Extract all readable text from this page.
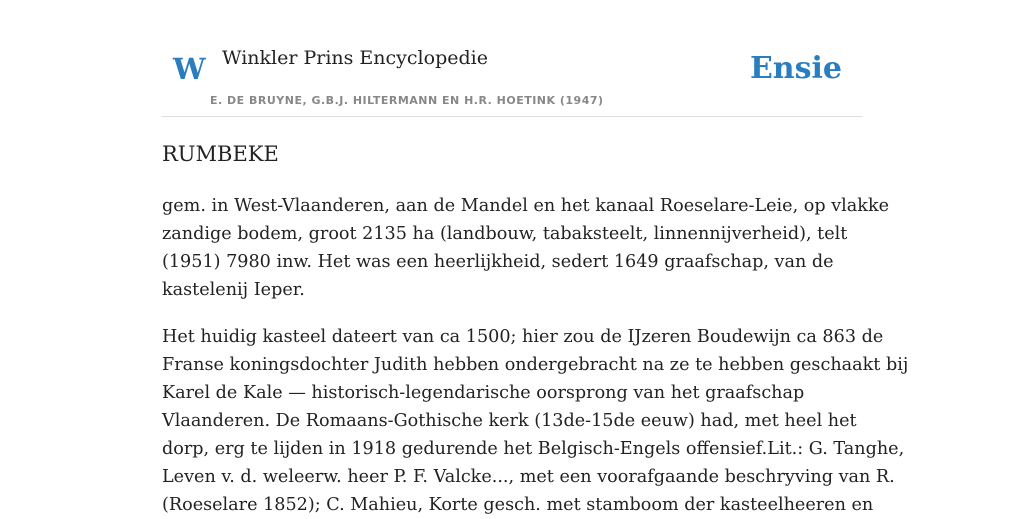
W Winkler Prins Encyclopedie
E. DE BRUYNE, G.B.J. HILTERMANN EN H.R. HOETINK (1947)
Ensie
RUMBEKE

gem. in West-Vlaanderen, aan de Mandel en het kanaal Roeselare-Leie, op vlakke
zandige bodem, groot 2135 ha (landbouw, tabaksteelt, linnennijverheid), telt
(1951) 7980 inw. Het was een heerlijkheid, sedert 1649 graafschap, van de
kastelenij Ieper.

Het huidig kasteel dateert van ca 1500; hier zou de IJzeren Boudewijn ca 863 de
Franse koningsdochter Judith hebben ondergebracht na ze te hebben geschaakt bij
Karel de Kale — historisch-legendarische oorsprong van het graafschap
Vlaanderen. De Romaans-Gothische kerk (13de-15de eeuw) had, met heel het
dorp, erg te lijden in 1918 gedurende het Belgisch-Engels offensief.Lit.: G. Tanghe,
Leven v. d. weleerw. heer P. F. Valcke..., met een voorafgaande beschryving van R.
(Roeselare 1852); C. Mahieu, Korte gesch. met stamboom der kasteelheeren en
